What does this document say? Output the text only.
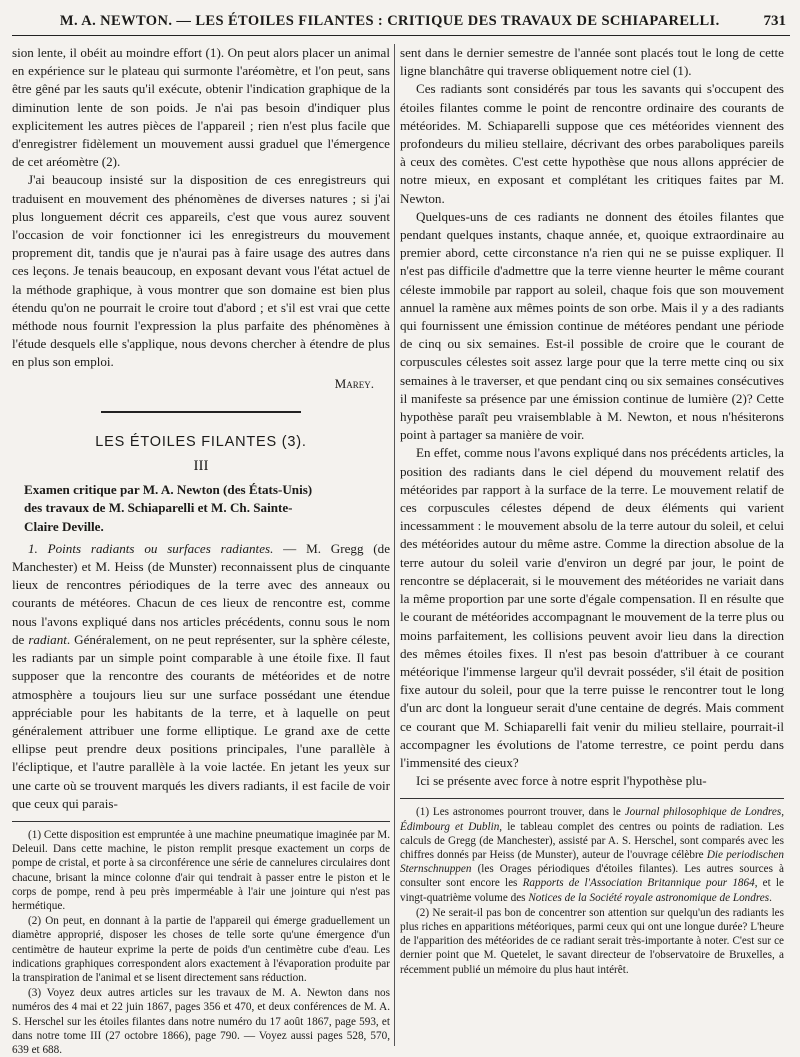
M. A. NEWTON. — LES ÉTOILES FILANTES : CRITIQUE DES TRAVAUX DE SCHIAPARELLI.	731

sion lente, il obéit au moindre effort (1). On peut alors placer un animal en expérience sur le plateau qui surmonte l'aréomètre, et l'on peut, sans être gêné par les sauts qu'il exécute, obtenir l'indication graphique de la diminution lente de son poids. Je n'ai pas besoin d'indiquer plus explicitement les autres pièces de l'appareil ; rien n'est plus facile que d'enregistrer fidèlement un mouvement aussi graduel que l'émergence de cet aréomètre (2).

J'ai beaucoup insisté sur la disposition de ces enregistreurs qui traduisent en mouvement des phénomènes de diverses natures ; si j'ai plus longuement décrit ces appareils, c'est que vous aurez souvent l'occasion de voir fonctionner ici les enregistreurs du mouvement proprement dit, tandis que je n'aurai pas à faire usage des autres dans ces leçons. Je tenais beaucoup, en exposant devant vous l'état actuel de la méthode graphique, à vous montrer que son domaine est bien plus étendu qu'on ne pourrait le croire tout d'abord ; et s'il est vrai que cette méthode nous fournit l'expression la plus parfaite des phénomènes à l'étude desquels elle s'applique, nous devons chercher à étendre de plus en plus son emploi.

Marey.

LES ÉTOILES FILANTES (3).
III
Examen critique par M. A. Newton (des États-Unis)
des travaux de M. Schiaparelli et M. Ch. Sainte-
Claire Deville.

1. Points radiants ou surfaces radiantes. — M. Gregg (de Manchester) et M. Heiss (de Munster) reconnaissent plus de cinquante lieux de rencontres périodiques de la terre avec des anneaux ou courants de météores. Chacun de ces lieux de rencontre est, comme nous l'avons expliqué dans nos articles précédents, connu sous le nom de radiant. Généralement, on ne peut représenter, sur la sphère céleste, les radiants par un simple point comparable à une étoile fixe. Il faut supposer que la rencontre des courants de météorides et de notre atmosphère a toujours lieu sur une surface possédant une étendue appréciable pour les habitants de la terre, et à laquelle on peut généralement attribuer une forme elliptique. Le grand axe de cette ellipse peut prendre deux positions principales, l'une parallèle à l'écliptique, et l'autre parallèle à la voie lactée. En jetant les yeux sur une carte où se trouvent marqués les divers radiants, il est facile de voir que ceux qui parais-

(1) Cette disposition est empruntée à une machine pneumatique imaginée par M. Deleuil. Dans cette machine, le piston remplit presque exactement un corps de pompe de cristal, et porte à sa circonférence une série de cannelures circulaires dont chacune, brisant la mince colonne d'air qui tendrait à passer entre le piston et le corps de pompe, rend à peu près imperméable à l'air une jointure qui n'est pas hermétique.

(2) On peut, en donnant à la partie de l'appareil qui émerge graduellement un diamètre approprié, disposer les choses de telle sorte qu'une émergence d'un centimètre de hauteur exprime la perte de poids d'un centimètre cube d'eau. Les indications graphiques correspondent alors exactement à l'évaporation produite par la transpiration de l'animal et se lisent directement sans réduction.

(3) Voyez deux autres articles sur les travaux de M. A. Newton dans nos numéros des 4 mai et 22 juin 1867, pages 356 et 470, et deux conférences de M. A. S. Herschel sur les étoiles filantes dans notre numéro du 17 août 1867, page 593, et dans notre tome III (27 octobre 1866), page 790. — Voyez aussi pages 528, 570, 639 et 688.

sent dans le dernier semestre de l'année sont placés tout le long de cette ligne blanchâtre qui traverse obliquement notre ciel (1).

Ces radiants sont considérés par tous les savants qui s'occupent des étoiles filantes comme le point de rencontre ordinaire des courants de météorides. M. Schiaparelli suppose que ces météorides viennent des profondeurs du milieu stellaire, décrivant des orbes paraboliques pareils à ceux des comètes. C'est cette hypothèse que nous allons apprécier de notre mieux, en exposant et complétant les critiques faites par M. Newton.

Quelques-uns de ces radiants ne donnent des étoiles filantes que pendant quelques instants, chaque année, et, quoique extraordinaire au premier abord, cette circonstance n'a rien qui ne se puisse expliquer. Il n'est pas difficile d'admettre que la terre vienne heurter le même courant céleste immobile par rapport au soleil, chaque fois que son mouvement annuel la ramène aux mêmes points de son orbe. Mais il y a des radiants qui fournissent une émission continue de météores pendant une période de cinq ou six semaines. Est-il possible de croire que le courant de corpuscules célestes soit assez large pour que la terre mette cinq ou six semaines à le traverser, et que pendant cinq ou six semaines consécutives il manifeste sa présence par une émission continue de lumière (2)? Cette hypothèse paraît peu vraisemblable à M. Newton, et nous n'hésiterons point à partager sa manière de voir.

En effet, comme nous l'avons expliqué dans nos précédents articles, la position des radiants dans le ciel dépend du mouvement relatif des météorides par rapport à la surface de la terre. Le mouvement relatif de ces corpuscules célestes dépend de deux éléments qui varient incessamment : le mouvement absolu de la terre autour du soleil, et celui des météorides autour du même astre. Comme la direction absolue de la terre autour du soleil varie d'environ un degré par jour, le point de rencontre se déplacerait, si le mouvement des météorides ne variait dans la même proportion par une sorte d'égale compensation. Il en résulte que le courant de météorides accompagnant le mouvement de la terre plus ou moins parfaitement, les collisions peuvent avoir lieu dans la direction des mêmes étoiles fixes. Il n'est pas besoin d'attribuer à ce courant météorique l'immense largeur qu'il devrait posséder, s'il était de position fixe autour du soleil, pour que la terre puisse le rencontrer tout le long d'un arc dont la longueur serait d'une centaine de degrés. Mais comment ce courant que M. Schiaparelli fait venir du milieu stellaire, pourrait-il accompagner les évolutions de l'atome terrestre, ce point perdu dans l'immensité des cieux?

Ici se présente avec force à notre esprit l'hypothèse plu-

(1) Les astronomes pourront trouver, dans le Journal philosophique de Londres, Édimbourg et Dublin, le tableau complet des centres ou points de radiation. Les calculs de Gregg (de Manchester), assisté par A. S. Herschel, sont comparés avec les chiffres donnés par Heiss (de Munster), auteur de l'ouvrage célèbre Die periodischen Sternschnuppen (les Orages périodiques d'étoiles filantes). Les autres sources à consulter sont encore les Rapports de l'Association Britannique pour 1864, et le vingt-quatrième volume des Notices de la Société royale astronomique de Londres.

(2) Ne serait-il pas bon de concentrer son attention sur quelqu'un des radiants les plus riches en apparitions météoriques, parmi ceux qui ont une longue durée? L'heure de l'apparition des météorides de ce radiant serait très-importante à noter. C'est sur ce dernier point que M. Quetelet, le savant directeur de l'observatoire de Bruxelles, a récemment publié un mémoire du plus haut intérêt.
